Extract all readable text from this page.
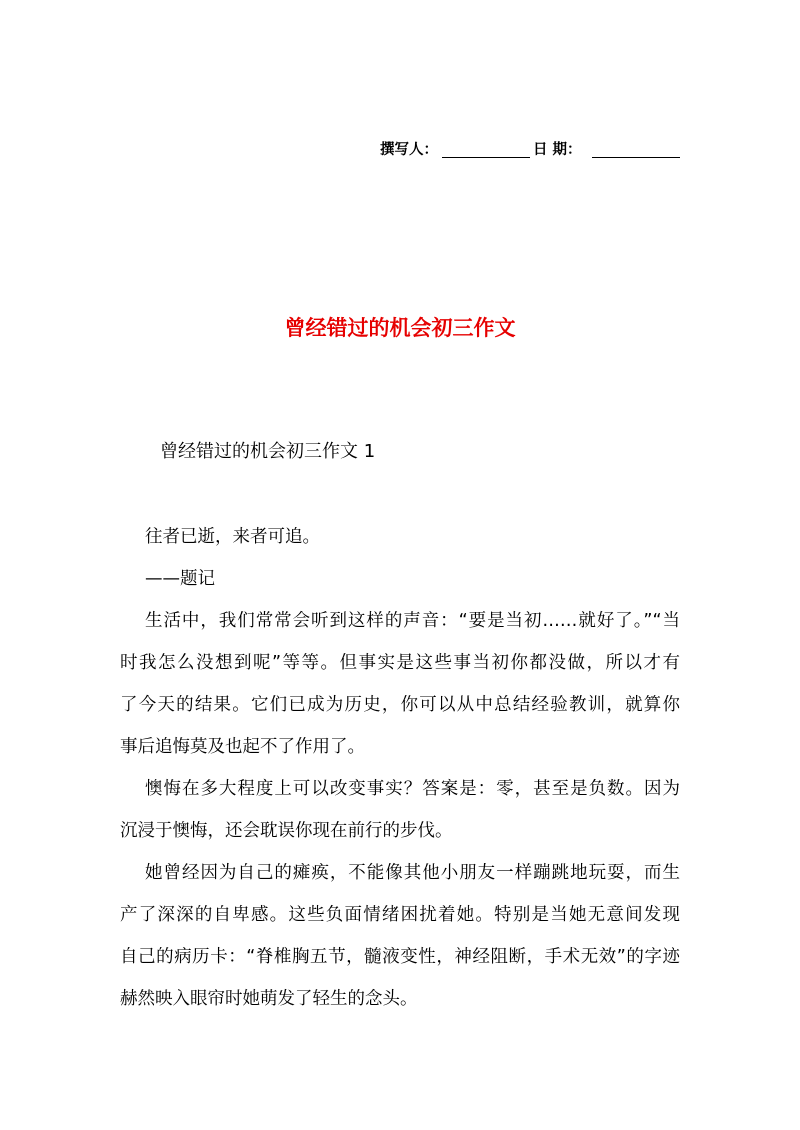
撰写人：	日 期：
曾经错过的机会初三作文
曾经错过的机会初三作文 1
往者已逝，来者可追。
——题记
生活中，我们常常会听到这样的声音：“要是当初……就好了。”“当
时我怎么没想到呢”等等。但事实是这些事当初你都没做，所以才有
了今天的结果。它们已成为历史，你可以从中总结经验教训，就算你
事后追悔莫及也起不了作用了。
懊悔在多大程度上可以改变事实？答案是：零，甚至是负数。因为
沉浸于懊悔，还会耽误你现在前行的步伐。
她曾经因为自己的瘫痪，不能像其他小朋友一样蹦跳地玩耍，而生
产了深深的自卑感。这些负面情绪困扰着她。特别是当她无意间发现
自己的病历卡：“脊椎胸五节，髓液变性，神经阻断，手术无效”的字迹
赫然映入眼帘时她萌发了轻生的念头。
